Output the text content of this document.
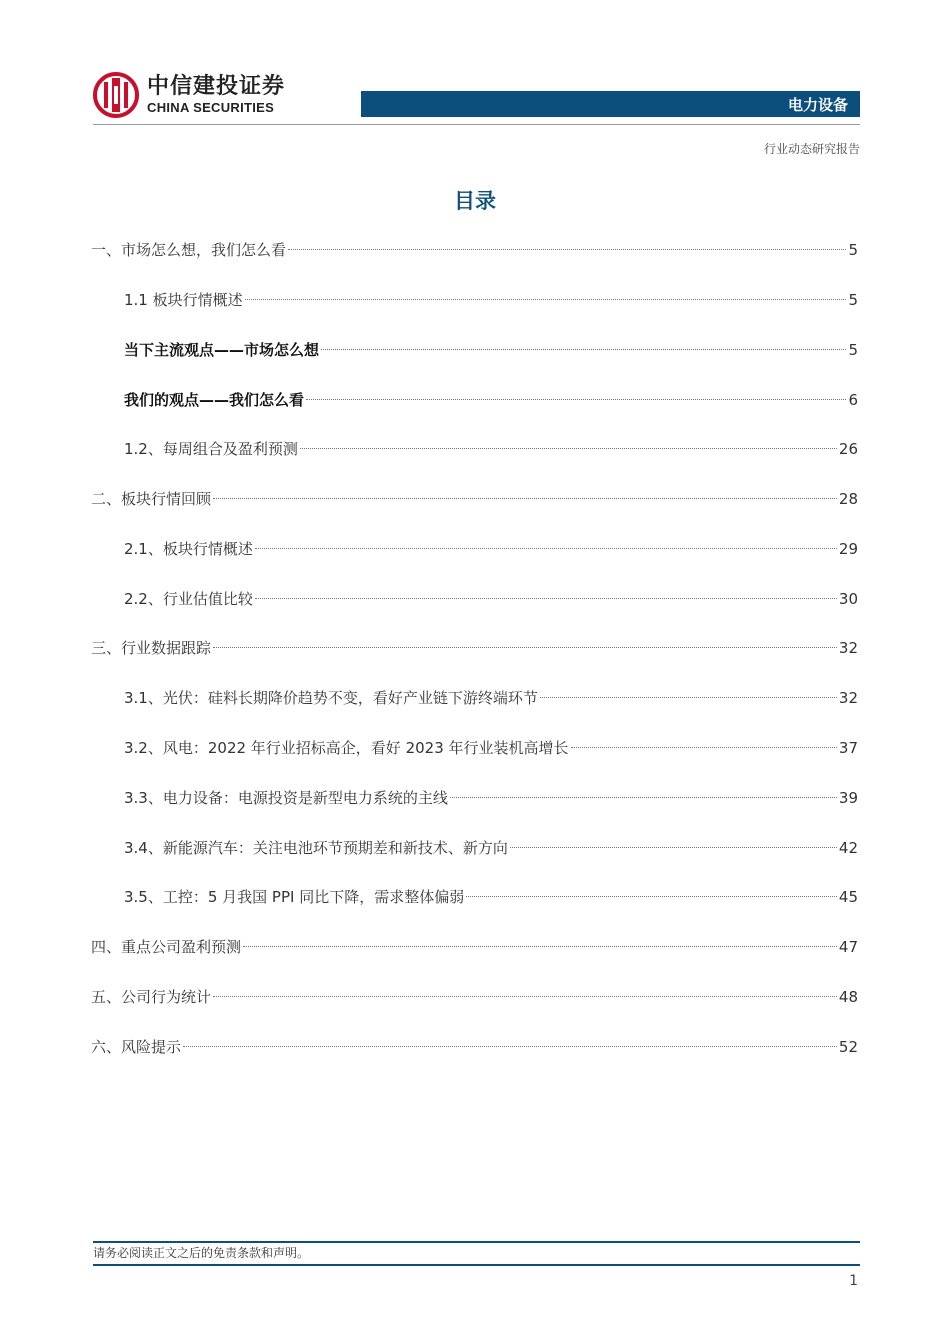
中信建投证券
CHINA SECURITIES	电力设备
行业动态研究报告
目录
一、市场怎么想，我们怎么看	5
1.1 板块行情概述	5
当下主流观点——市场怎么想	5
我们的观点——我们怎么看	6
1.2、每周组合及盈利预测	26
二、板块行情回顾	28
2.1、板块行情概述	29
2.2、行业估值比较	30
三、行业数据跟踪	32
3.1、光伏：硅料长期降价趋势不变，看好产业链下游终端环节	32
3.2、风电：2022 年行业招标高企，看好 2023 年行业装机高增长	37
3.3、电力设备：电源投资是新型电力系统的主线	39
3.4、新能源汽车：关注电池环节预期差和新技术、新方向	42
3.5、工控：5 月我国 PPI 同比下降，需求整体偏弱	45
四、重点公司盈利预测	47
五、公司行为统计	48
六、风险提示	52
请务必阅读正文之后的免责条款和声明。
1
